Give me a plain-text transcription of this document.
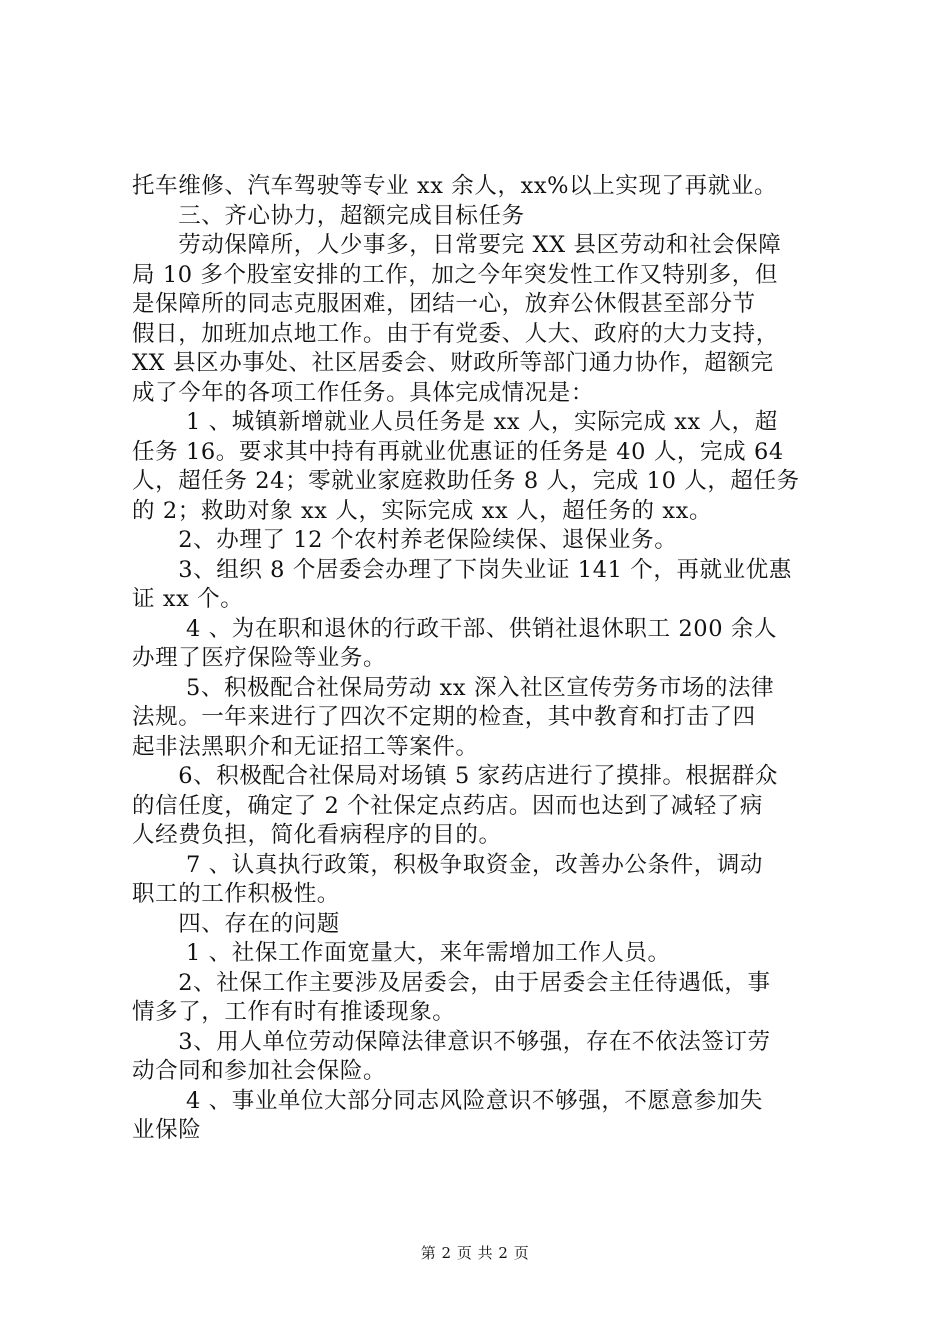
托车维修、汽车驾驶等专业 xx 余人，xx%以上实现了再就业。
　　三、齐心协力，超额完成目标任务
　　劳动保障所，人少事多，日常要完 XX 县区劳动和社会保障
局 10 多个股室安排的工作，加之今年突发性工作又特别多，但
是保障所的同志克服困难，团结一心，放弃公休假甚至部分节
假日，加班加点地工作。由于有党委、人大、政府的大力支持，
XX 县区办事处、社区居委会、财政所等部门通力协作，超额完
成了今年的各项工作任务。具体完成情况是：
　　 1 、城镇新增就业人员任务是 xx 人，实际完成 xx 人，超
任务 16。要求其中持有再就业优惠证的任务是 40 人，完成 64
人，超任务 24；零就业家庭救助任务 8 人，完成 10 人，超任务
的 2；救助对象 xx 人，实际完成 xx 人，超任务的 xx。
　　2、办理了 12 个农村养老保险续保、退保业务。
　　3、组织 8 个居委会办理了下岗失业证 141 个，再就业优惠
证 xx 个。
　　 4 、为在职和退休的行政干部、供销社退休职工 200 余人
办理了医疗保险等业务。
　　 5、积极配合社保局劳动 xx 深入社区宣传劳务市场的法律
法规。一年来进行了四次不定期的检查，其中教育和打击了四
起非法黑职介和无证招工等案件。
　　6、积极配合社保局对场镇 5 家药店进行了摸排。根据群众
的信任度，确定了 2 个社保定点药店。因而也达到了减轻了病
人经费负担，简化看病程序的目的。
　　 7 、认真执行政策，积极争取资金，改善办公条件，调动
职工的工作积极性。
　　四、存在的问题
　　 1 、社保工作面宽量大，来年需增加工作人员。
　　2、社保工作主要涉及居委会，由于居委会主任待遇低，事
情多了，工作有时有推诿现象。
　　3、用人单位劳动保障法律意识不够强，存在不依法签订劳
动合同和参加社会保险。
　　 4 、事业单位大部分同志风险意识不够强，不愿意参加失
业保险
第 2 页 共 2 页
